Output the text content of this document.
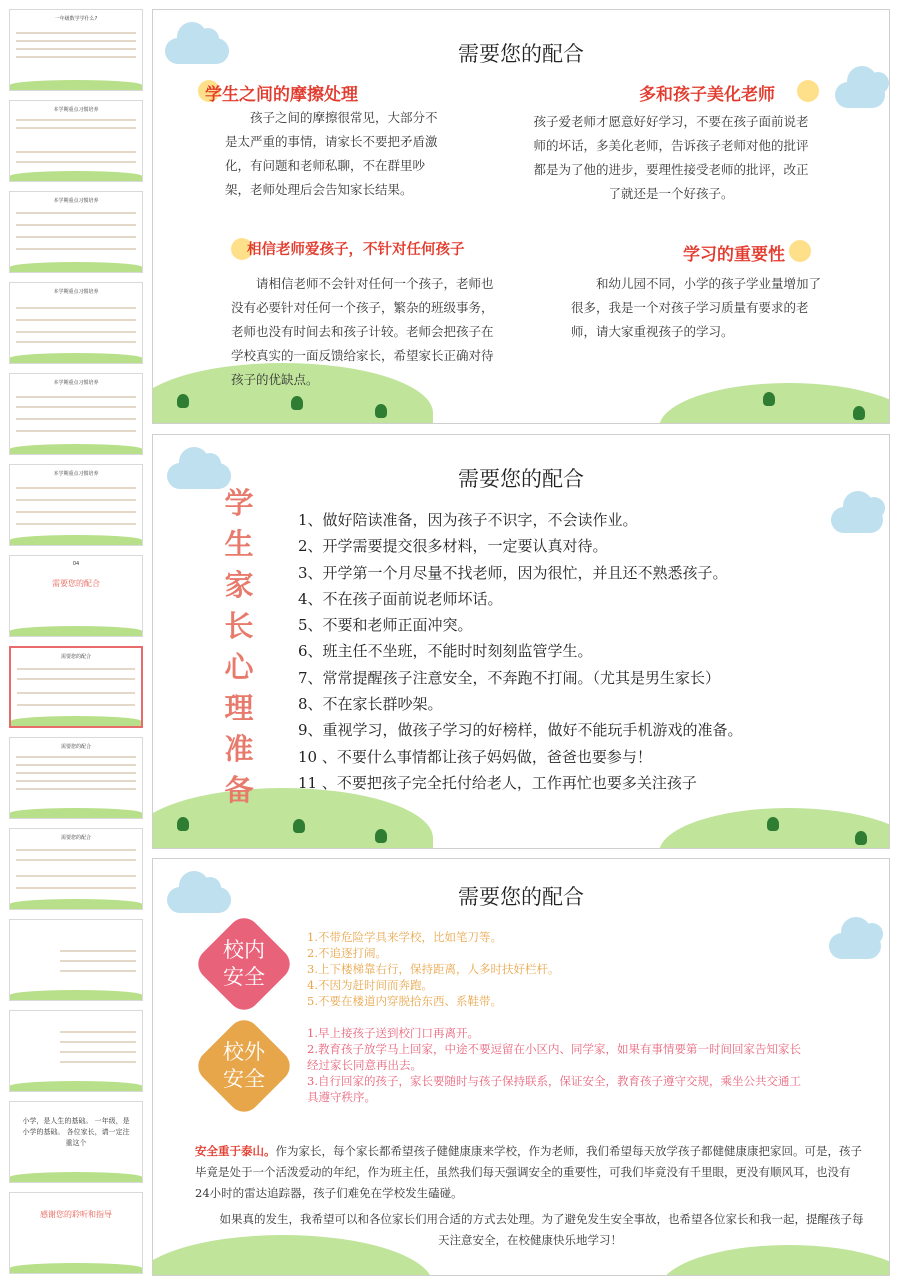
一年级数学学什么?
本学期重点习惯培养
本学期重点习惯培养
本学期重点习惯培养
本学期重点习惯培养
本学期重点习惯培养
04
需要您的配合
需要您的配合
需要您的配合
需要您的配合
小学，是人生的基础。 一年级，是小学的基础。 各位家长，请一定注重这个
感谢您的聆听和指导
需要您的配合
学生之间的摩擦处理
孩子之间的摩擦很常见，大部分不是太严重的事情，请家长不要把矛盾激化，有问题和老师私聊，不在群里吵架，老师处理后会告知家长结果。
多和孩子美化老师
孩子爱老师才愿意好好学习，不要在孩子面前说老师的坏话，多美化老师，告诉孩子老师对他的批评都是为了他的进步，要理性接受老师的批评，改正了就还是一个好孩子。
相信老师爱孩子，不针对任何孩子
请相信老师不会针对任何一个孩子，老师也没有必要针对任何一个孩子，繁杂的班级事务，老师也没有时间去和孩子计较。老师会把孩子在学校真实的一面反馈给家长，希望家长正确对待孩子的优缺点。
学习的重要性
和幼儿园不同，小学的孩子学业量增加了很多，我是一个对孩子学习质量有要求的老师，请大家重视孩子的学习。
需要您的配合
学生家长心理准备
1、做好陪读准备，因为孩子不识字，不会读作业。
2、开学需要提交很多材料，一定要认真对待。
3、开学第一个月尽量不找老师，因为很忙，并且还不熟悉孩子。
4、不在孩子面前说老师坏话。
5、不要和老师正面冲突。
6、班主任不坐班，不能时时刻刻监管学生。
7、常常提醒孩子注意安全，不奔跑不打闹。（尤其是男生家长）
8、不在家长群吵架。
9、重视学习，做孩子学习的好榜样，做好不能玩手机游戏的准备。
10 、不要什么事情都让孩子妈妈做，爸爸也要参与！
11 、不要把孩子完全托付给老人，工作再忙也要多关注孩子
需要您的配合
校内
安全
1.不带危险学具来学校，比如笔刀等。
2.不追逐打闹。
3.上下楼梯靠右行，保持距离，人多时扶好栏杆。
4.不因为赶时间而奔跑。
5.不要在楼道内穿脱拾东西、系鞋带。
校外
安全
1.早上接孩子送到校门口再离开。
2.教育孩子放学马上回家，中途不要逗留在小区内、同学家，如果有事情要第一时间回家告知家长经过家长同意再出去。
3.自行回家的孩子，家长要随时与孩子保持联系，保证安全，教育孩子遵守交规，乘坐公共交通工具遵守秩序。
安全重于泰山。作为家长，每个家长都希望孩子健健康康来学校，作为老师，我们希望每天放学孩子都健健康康把家回。可是，孩子毕竟是处于一个活泼爱动的年纪，作为班主任，虽然我们每天强调安全的重要性，可我们毕竟没有千里眼，更没有顺风耳，也没有24小时的雷达追踪器，孩子们难免在学校发生磕碰。
如果真的发生，我希望可以和各位家长们用合适的方式去处理。为了避免发生安全事故，也希望各位家长和我一起，提醒孩子每天注意安全，在校健康快乐地学习！
